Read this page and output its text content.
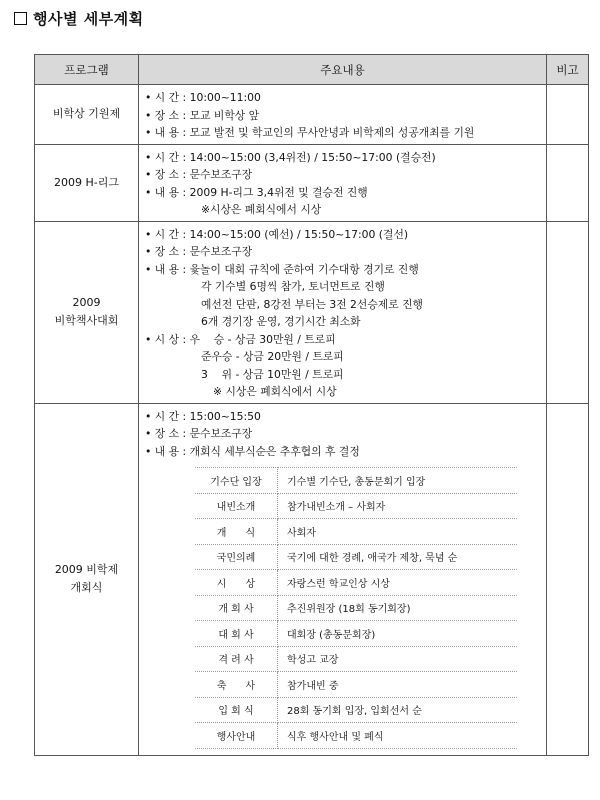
행사별 세부계획
프로그램	주요내용	비고

비학상 기원제

• 시 간 : 10:00~11:00
• 장 소 : 모교 비학상 앞
• 내 용 : 모교 발전 및 학교인의 무사안녕과 비학제의 성공개최를 기원

2009 H-리그

• 시 간 : 14:00~15:00 (3,4위전) / 15:50~17:00 (결승전)
• 장 소 : 문수보조구장
• 내 용 : 2009 H-리그 3,4위전 및 결승전 진행
※시상은 폐회식에서 시상

2009
비학책사대회

• 시 간 : 14:00~15:00 (예선) / 15:50~17:00 (결선)
• 장 소 : 문수보조구장
• 내 용 : 윷놀이 대회 규칙에 준하여 기수대항 경기로 진행
각 기수별 6명씩 참가, 토너먼트로 진행
예선전 단판, 8강전 부터는 3전 2선승제로 진행
6개 경기장 운영, 경기시간 최소화
• 시 상 : 우    승 - 상금 30만원 / 트로피
준우승 - 상금 20만원 / 트로피
3    위 - 상금 10만원 / 트로피
※ 시상은 폐회식에서 시상

2009 비학제
개회식

• 시 간 : 15:00~15:50
• 장 소 : 문수보조구장
• 내 용 : 개회식 세부식순은 추후협의 후 결정
기수단 입장	기수별 기수단, 총동문회기 입장
내빈소개	참가내빈소개 – 사회자
개      식	사회자
국민의례	국기에 대한 경례, 애국가 제창, 묵념 순
시      상	자랑스런 학교인상 시상
개 회 사	추진위원장 (18회 동기회장)
대 회 사	대회장 (총동문회장)
격 려 사	학성고 교장
축      사	참가내빈 중
입 회 식	28회 동기회 입장, 입회선서 순
행사안내	식후 행사안내 및 폐식
